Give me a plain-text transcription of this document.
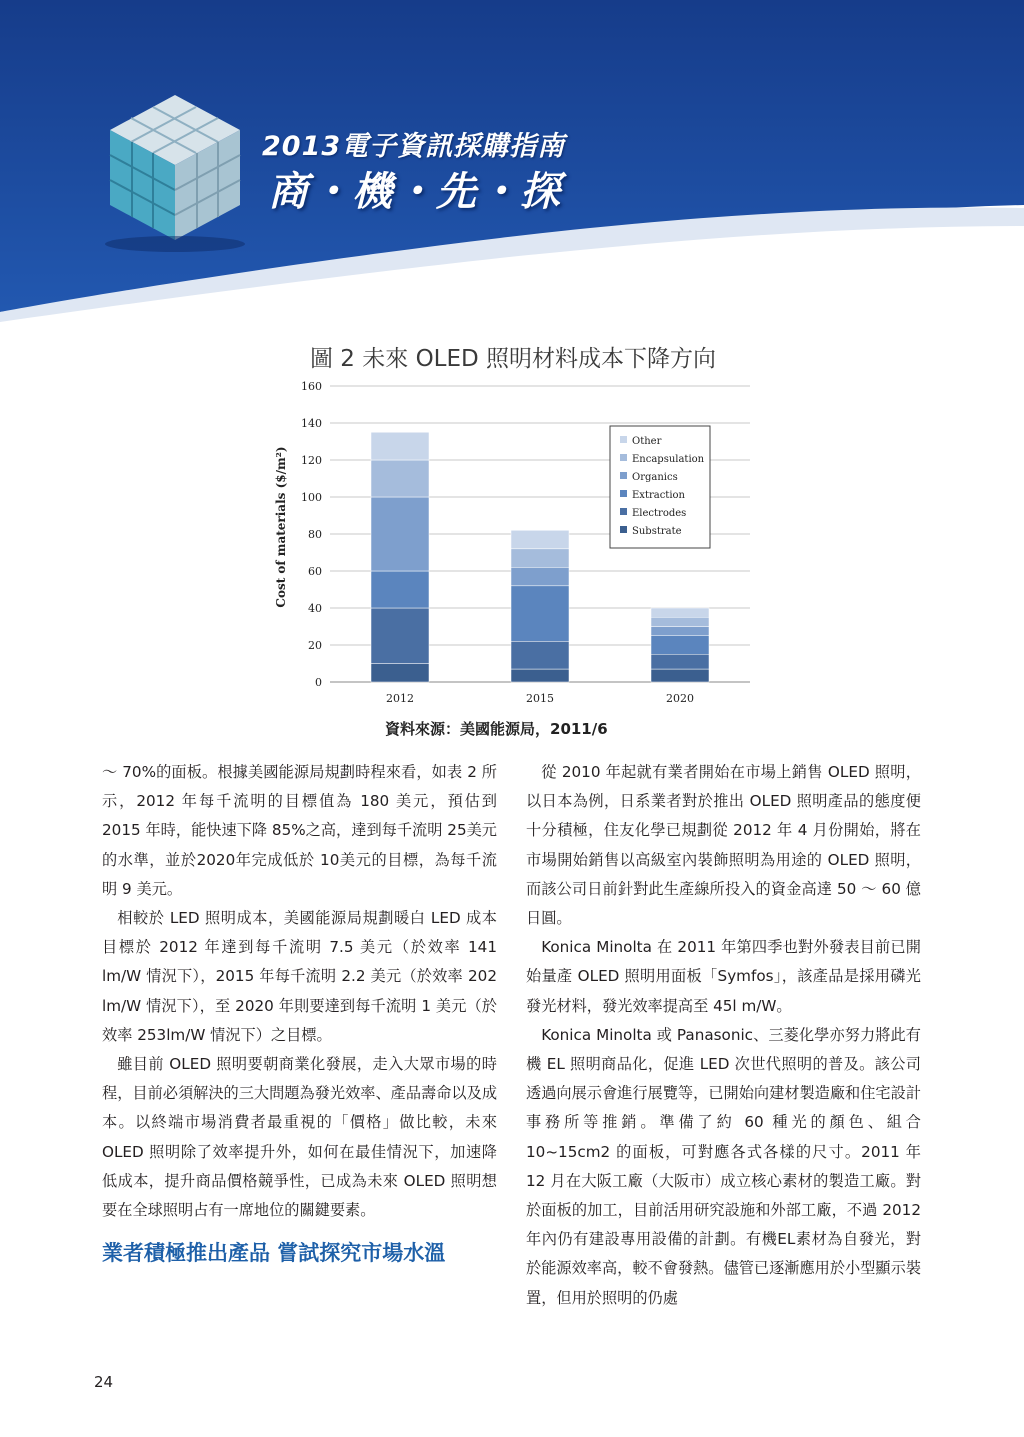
2013電子資訊採購指南
商・機・先・探
圖 2 未來 OLED 照明材料成本下降方向
0
20
40
60
80
100
120
140
160
2012	2015	2020
Cost of materials ($/m²)
Other
Encapsulation
Organics
Extraction
Electrodes
Substrate
資料來源：美國能源局，2011/6

～ 70%的面板。根據美國能源局規劃時程來看，如表 2 所示，2012 年每千流明的目標值為 180 美元，預估到 2015 年時，能快速下降 85%之高，達到每千流明 25美元的水準，並於2020年完成低於 10美元的目標，為每千流明 9 美元。

相較於 LED 照明成本，美國能源局規劃暖白 LED 成本目標於 2012 年達到每千流明 7.5 美元（於效率 141 lm/W 情況下），2015 年每千流明 2.2 美元（於效率 202 lm/W 情況下），至 2020 年則要達到每千流明 1 美元（於效率 253lm/W 情況下）之目標。

雖目前 OLED 照明要朝商業化發展，走入大眾市場的時程，目前必須解決的三大問題為發光效率、產品壽命以及成本。以終端市場消費者最重視的「價格」做比較，未來 OLED 照明除了效率提升外，如何在最佳情況下，加速降低成本，提升商品價格競爭性，已成為未來 OLED 照明想要在全球照明占有一席地位的關鍵要素。

業者積極推出產品 嘗試探究市場水溫

從 2010 年起就有業者開始在市場上銷售 OLED 照明，以日本為例，日系業者對於推出 OLED 照明產品的態度便十分積極，住友化學已規劃從 2012 年 4 月份開始，將在市場開始銷售以高級室內裝飾照明為用途的 OLED 照明，而該公司日前針對此生產線所投入的資金高達 50 ～ 60 億日圓。

Konica Minolta 在 2011 年第四季也對外發表目前已開始量產 OLED 照明用面板「Symfos」，該產品是採用磷光發光材料，發光效率提高至 45l m/W。

Konica Minolta 或 Panasonic、三菱化學亦努力將此有機 EL 照明商品化，促進 LED 次世代照明的普及。該公司透過向展示會進行展覽等，已開始向建材製造廠和住宅設計事務所等推銷。準備了約 60 種光的顏色、組合 10~15cm2 的面板，可對應各式各樣的尺寸。2011 年 12 月在大阪工廠（大阪市）成立核心素材的製造工廠。對於面板的加工，目前活用研究設施和外部工廠，不過 2012 年內仍有建設專用設備的計劃。有機EL素材為自發光，對於能源效率高，較不會發熱。儘管已逐漸應用於小型顯示裝置，但用於照明的仍處

24
